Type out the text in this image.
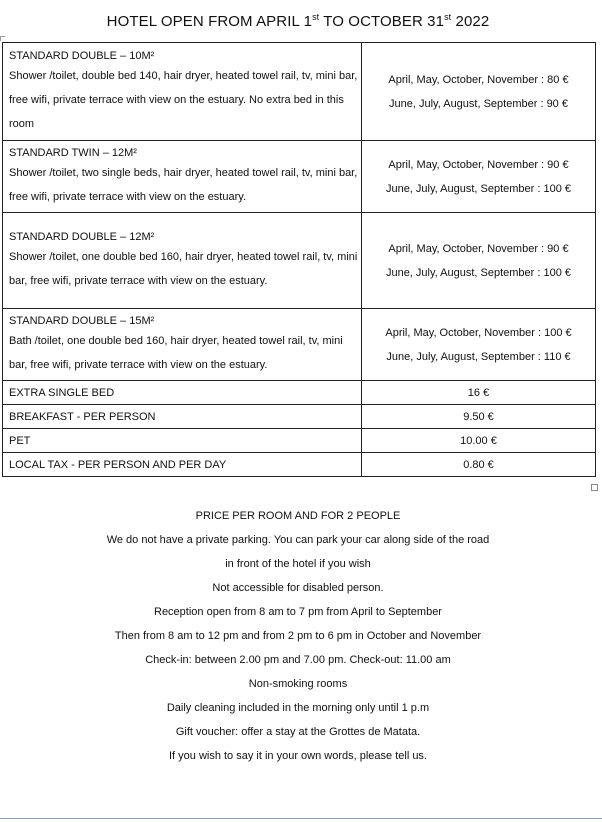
HOTEL OPEN FROM APRIL 1st TO OCTOBER 31st 2022
STANDARD DOUBLE – 10M²
Shower /toilet, double bed 140, hair dryer, heated towel rail, tv, mini bar, free wifi, private terrace with view on the estuary. No extra bed in this room	April, May, October, November : 80 €
June, July, August, September : 90 €

STANDARD TWIN – 12M²
Shower /toilet, two single beds, hair dryer, heated towel rail, tv, mini bar, free wifi, private terrace with view on the estuary.	April, May, October, November : 90 €
June, July, August, September : 100 €

STANDARD DOUBLE – 12M²
Shower /toilet, one double bed 160, hair dryer, heated towel rail, tv, mini bar, free wifi, private terrace with view on the estuary.	April, May, October, November : 90 €
June, July, August, September : 100 €

STANDARD DOUBLE – 15M²
Bath /toilet, one double bed 160, hair dryer, heated towel rail, tv, mini bar, free wifi, private terrace with view on the estuary.	April, May, October, November : 100 €
June, July, August, September : 110 €

EXTRA SINGLE BED	16 €
BREAKFAST - PER PERSON	9.50 €
PET	10.00 €
LOCAL TAX - PER PERSON AND PER DAY	0.80 €
PRICE PER ROOM AND FOR 2 PEOPLE
We do not have a private parking. You can park your car along side of the road
in front of the hotel if you wish
Not accessible for disabled person.
Reception open from 8 am to 7 pm from April to September
Then from 8 am to 12 pm and from 2 pm to 6 pm in October and November
Check-in: between 2.00 pm and 7.00 pm. Check-out: 11.00 am
Non-smoking rooms
Daily cleaning included in the morning only until 1 p.m
Gift voucher: offer a stay at the Grottes de Matata.
If you wish to say it in your own words, please tell us.
